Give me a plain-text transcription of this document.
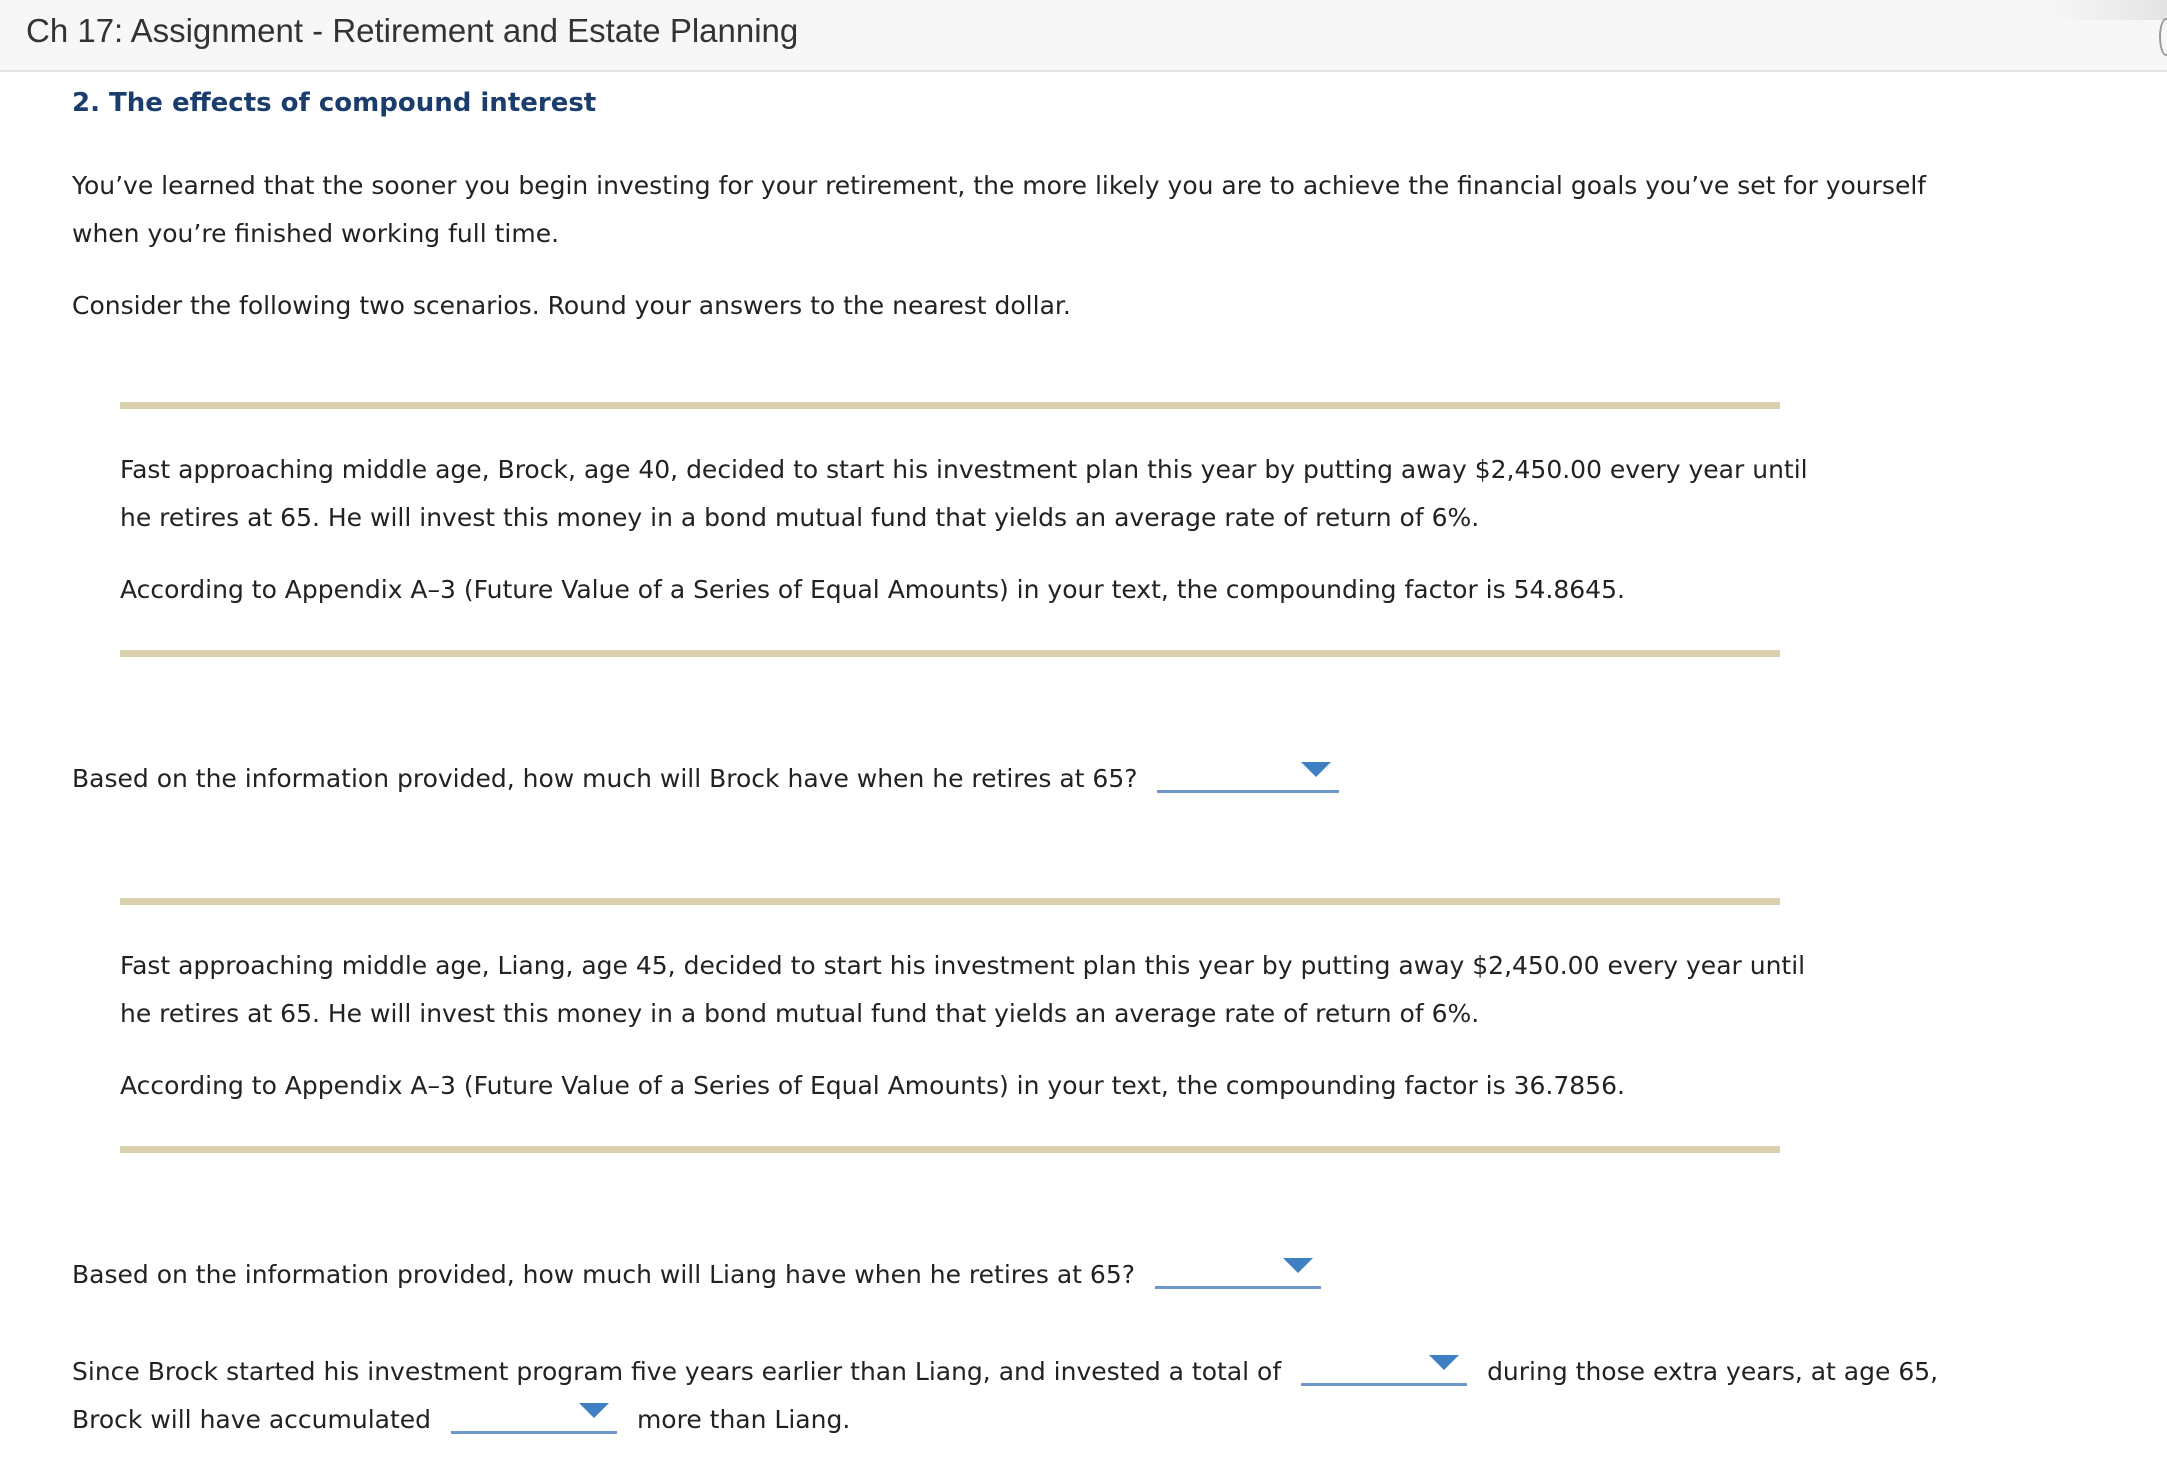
Ch 17: Assignment - Retirement and Estate Planning
2. The effects of compound interest
You’ve learned that the sooner you begin investing for your retirement, the more likely you are to achieve the financial goals you’ve set for yourself
when you’re finished working full time.
Consider the following two scenarios. Round your answers to the nearest dollar.
Fast approaching middle age, Brock, age 40, decided to start his investment plan this year by putting away $2,450.00 every year until
he retires at 65. He will invest this money in a bond mutual fund that yields an average rate of return of 6%.
According to Appendix A–3 (Future Value of a Series of Equal Amounts) in your text, the compounding factor is 54.8645.
Based on the information provided, how much will Brock have when he retires at 65?
Fast approaching middle age, Liang, age 45, decided to start his investment plan this year by putting away $2,450.00 every year until
he retires at 65. He will invest this money in a bond mutual fund that yields an average rate of return of 6%.
According to Appendix A–3 (Future Value of a Series of Equal Amounts) in your text, the compounding factor is 36.7856.
Based on the information provided, how much will Liang have when he retires at 65?
Since Brock started his investment program five years earlier than Liang, and invested a total of	during those extra years, at age 65,
Brock will have accumulated	more than Liang.
